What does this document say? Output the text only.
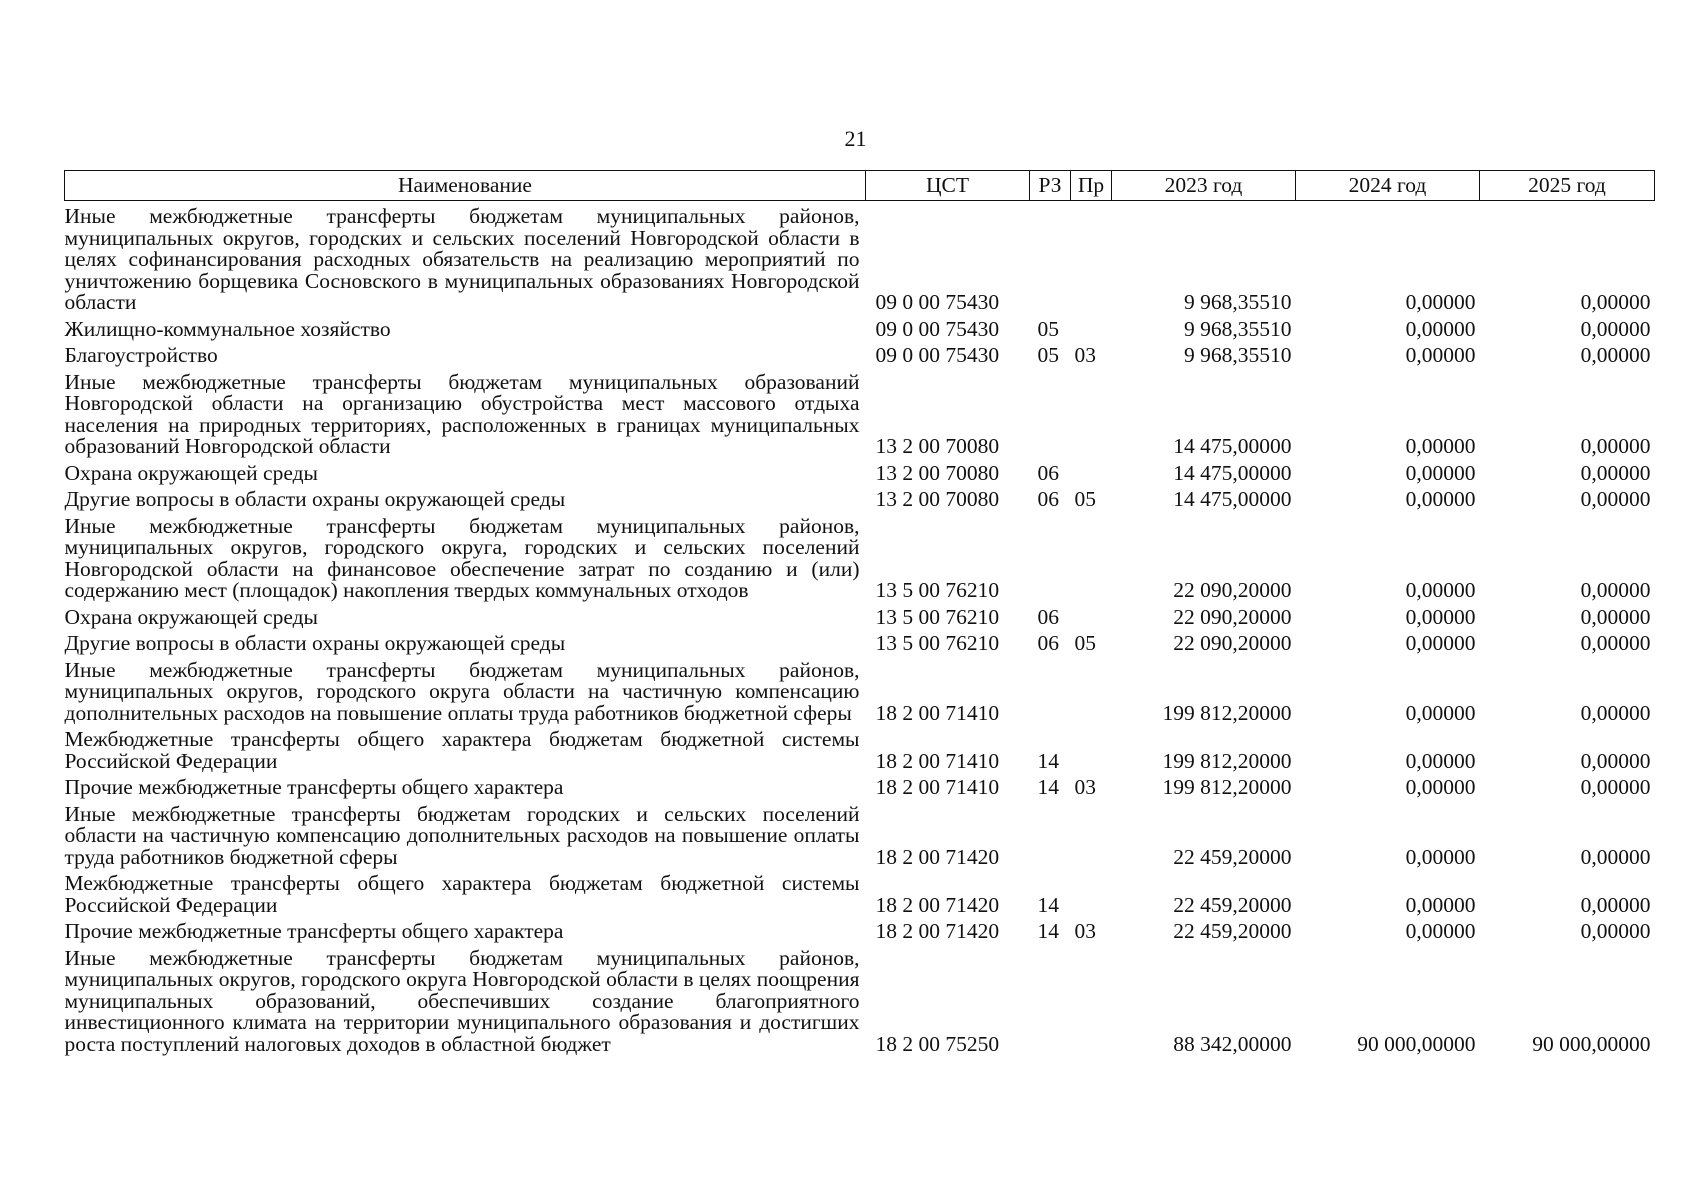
21
Наименование	ЦСТ	РЗ	Пр	2023 год	2024 год	2025 год
Иные межбюджетные трансферты бюджетам муниципальных районов, муниципальных округов, городских и сельских поселений Новгородской области в целях софинансирования расходных обязательств на реализацию мероприятий по уничтожению борщевика Сосновского в муниципальных образованиях Новгородской области	09 0 00 75430			9 968,35510	0,00000	0,00000
Жилищно-коммунальное хозяйство	09 0 00 75430	05		9 968,35510	0,00000	0,00000
Благоустройство	09 0 00 75430	05	03	9 968,35510	0,00000	0,00000
Иные межбюджетные трансферты бюджетам муниципальных образований Новгородской области на организацию обустройства мест массового отдыха населения на природных территориях, расположенных в границах муниципальных образований Новгородской области	13 2 00 70080			14 475,00000	0,00000	0,00000
Охрана окружающей среды	13 2 00 70080	06		14 475,00000	0,00000	0,00000
Другие вопросы в области охраны окружающей среды	13 2 00 70080	06	05	14 475,00000	0,00000	0,00000
Иные межбюджетные трансферты бюджетам муниципальных районов, муниципальных округов, городского округа, городских и сельских поселений Новгородской области на финансовое обеспечение затрат по созданию и (или) содержанию мест (площадок) накопления твердых коммунальных отходов	13 5 00 76210			22 090,20000	0,00000	0,00000
Охрана окружающей среды	13 5 00 76210	06		22 090,20000	0,00000	0,00000
Другие вопросы в области охраны окружающей среды	13 5 00 76210	06	05	22 090,20000	0,00000	0,00000
Иные межбюджетные трансферты бюджетам муниципальных районов, муниципальных округов, городского округа области на частичную компенсацию дополнительных расходов на повышение оплаты труда работников бюджетной сферы	18 2 00 71410			199 812,20000	0,00000	0,00000
Межбюджетные трансферты общего характера бюджетам бюджетной системы Российской Федерации	18 2 00 71410	14		199 812,20000	0,00000	0,00000
Прочие межбюджетные трансферты общего характера	18 2 00 71410	14	03	199 812,20000	0,00000	0,00000
Иные межбюджетные трансферты бюджетам городских и сельских поселений области на частичную компенсацию дополнительных расходов на повышение оплаты труда работников бюджетной сферы	18 2 00 71420			22 459,20000	0,00000	0,00000
Межбюджетные трансферты общего характера бюджетам бюджетной системы Российской Федерации	18 2 00 71420	14		22 459,20000	0,00000	0,00000
Прочие межбюджетные трансферты общего характера	18 2 00 71420	14	03	22 459,20000	0,00000	0,00000
Иные межбюджетные трансферты бюджетам муниципальных районов, муниципальных округов, городского округа Новгородской области в целях поощрения муниципальных образований, обеспечивших создание благоприятного инвестиционного климата на территории муниципального образования и достигших роста поступлений налоговых доходов в областной бюджет	18 2 00 75250			88 342,00000	90 000,00000	90 000,00000
